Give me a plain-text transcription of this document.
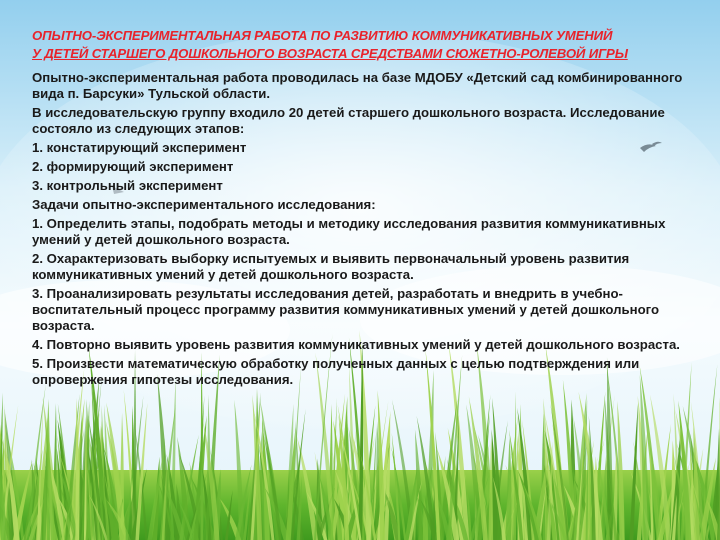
ОПЫТНО-ЭКСПЕРИМЕНТАЛЬНАЯ РАБОТА ПО РАЗВИТИЮ КОММУНИКАТИВНЫХ УМЕНИЙ
У ДЕТЕЙ СТАРШЕГО ДОШКОЛЬНОГО ВОЗРАСТА СРЕДСТВАМИ СЮЖЕТНО-РОЛЕВОЙ ИГРЫ

Опытно-экспериментальная работа проводилась на базе МДОБУ «Детский сад комбинированного вида п. Барсуки» Тульской области.

В исследовательскую группу входило 20 детей старшего дошкольного возраста. Исследование состояло из следующих этапов:

1. констатирующий эксперимент

2. формирующий эксперимент

3. контрольный эксперимент

Задачи опытно-экспериментального исследования:

1. Определить этапы, подобрать методы и методику исследования развития коммуникативных умений у детей дошкольного возраста.

2. Охарактеризовать выборку испытуемых и выявить первоначальный уровень развития коммуникативных умений у детей дошкольного возраста.

3. Проанализировать результаты исследования детей, разработать и внедрить в учебно-воспитательный процесс программу развития коммуникативных умений у детей дошкольного возраста.

4. Повторно выявить уровень развития коммуникативных умений у детей дошкольного возраста.

5. Произвести математическую обработку полученных данных с целью подтверждения или опровержения гипотезы исследования.
